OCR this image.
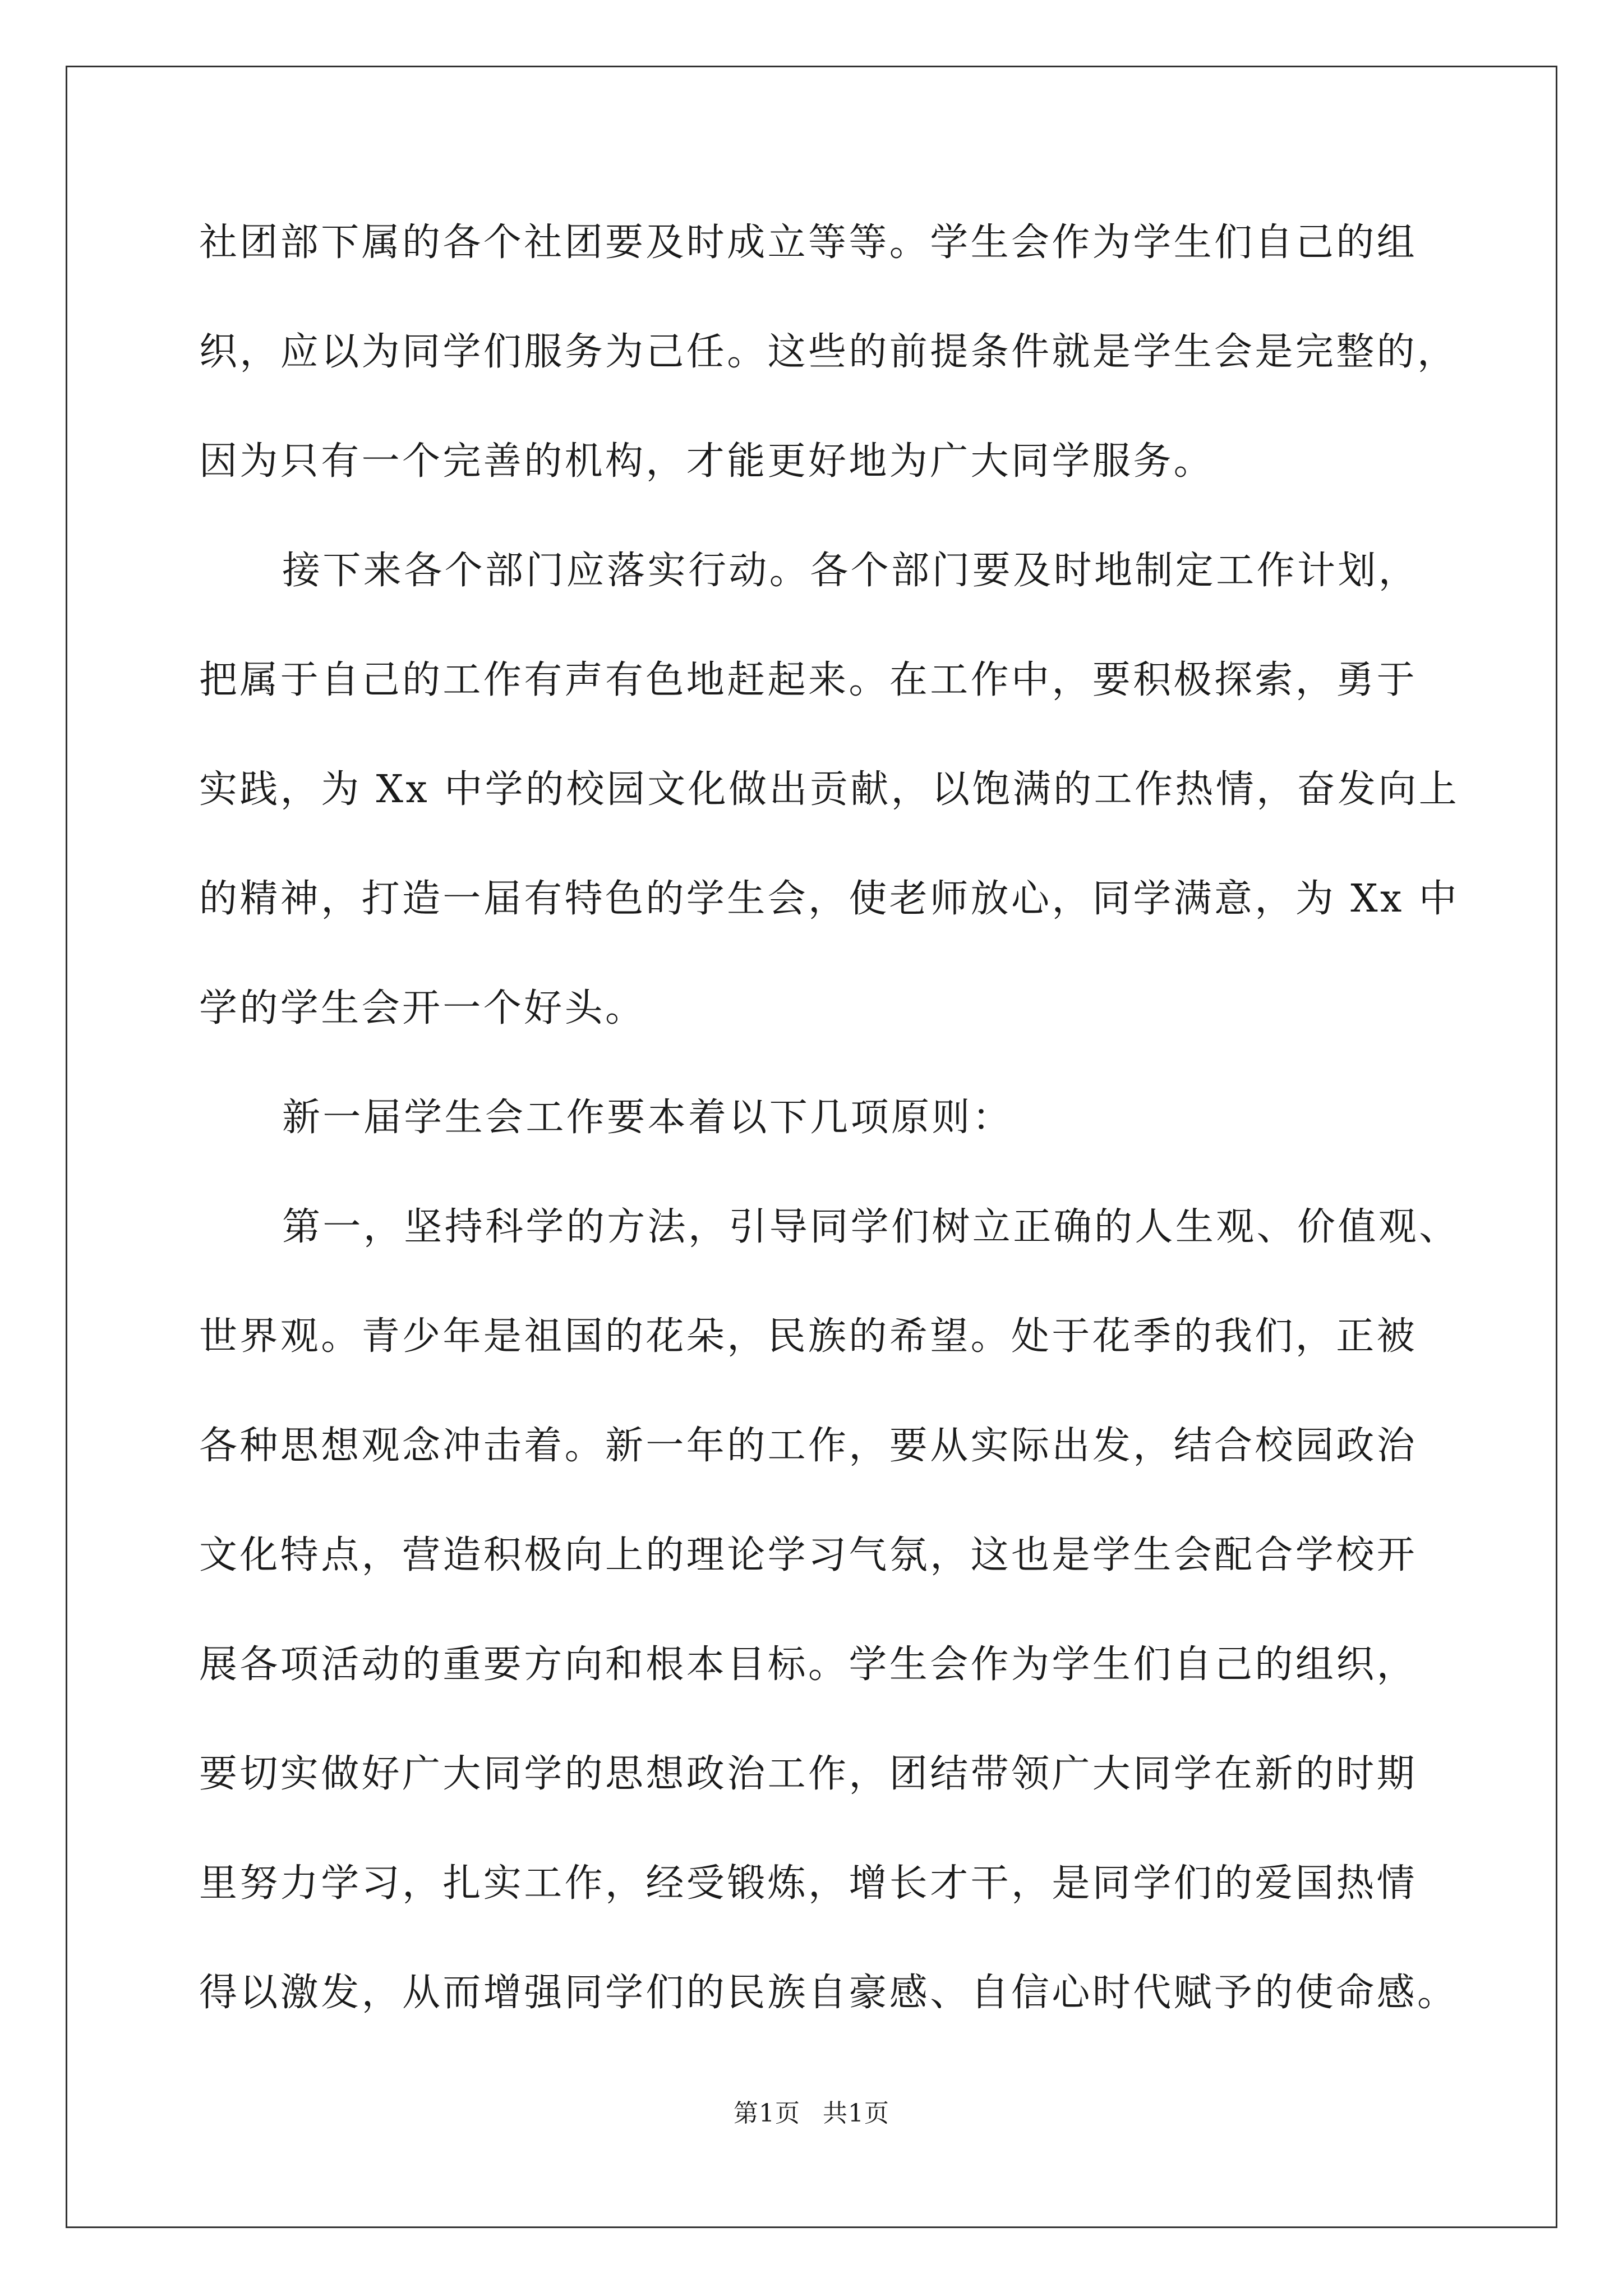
社团部下属的各个社团要及时成立等等。学生会作为学生们自己的组
织，应以为同学们服务为己任。这些的前提条件就是学生会是完整的，
因为只有一个完善的机构，才能更好地为广大同学服务。
接下来各个部门应落实行动。各个部门要及时地制定工作计划，
把属于自己的工作有声有色地赶起来。在工作中，要积极探索，勇于
实践，为 Xx 中学的校园文化做出贡献，以饱满的工作热情，奋发向上
的精神，打造一届有特色的学生会，使老师放心，同学满意，为 Xx 中
学的学生会开一个好头。
新一届学生会工作要本着以下几项原则：
第一，坚持科学的方法，引导同学们树立正确的人生观、价值观、
世界观。青少年是祖国的花朵，民族的希望。处于花季的我们，正被
各种思想观念冲击着。新一年的工作，要从实际出发，结合校园政治
文化特点，营造积极向上的理论学习气氛，这也是学生会配合学校开
展各项活动的重要方向和根本目标。学生会作为学生们自己的组织，
要切实做好广大同学的思想政治工作，团结带领广大同学在新的时期
里努力学习，扎实工作，经受锻炼，增长才干，是同学们的爱国热情
得以激发，从而增强同学们的民族自豪感、自信心时代赋予的使命感。
第1页 共1页
